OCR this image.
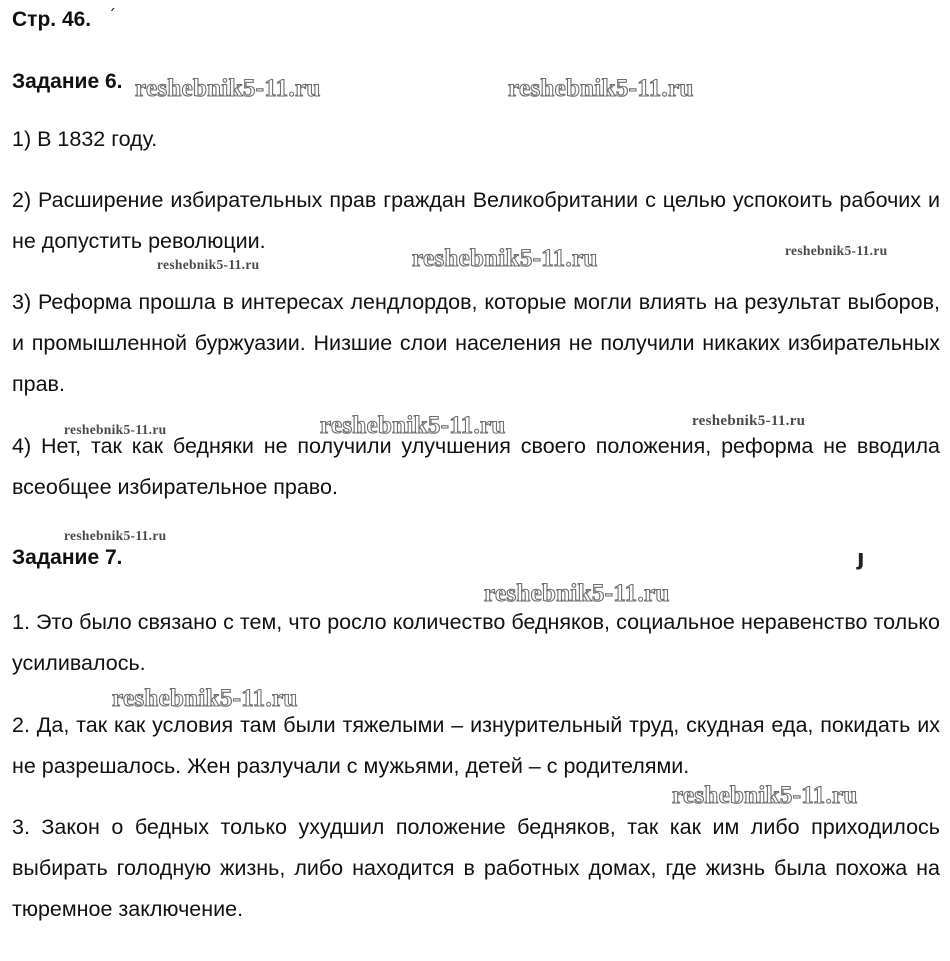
Стр. 46. ˊ
Задание 6.
1) В 1832 году.
2) Расширение избирательных прав граждан Великобритании с целью успокоить рабочих и не допустить революции.
3) Реформа прошла в интересах лендлордов, которые могли влиять на результат выборов, и промышленной буржуазии. Низшие слои населения не получили никаких избирательных прав.
4) Нет, так как бедняки не получили улучшения своего положения, реформа не вводила всеобщее избирательное право.
Задание 7.	ȷ
1. Это было связано с тем, что росло количество бедняков, социальное неравенство только усиливалось.
2. Да, так как условия там были тяжелыми – изнурительный труд, скудная еда, покидать их не разрешалось. Жен разлучали с мужьями, детей – с родителями.
3. Закон о бедных только ухудшил положение бедняков, так как им либо приходилось выбирать голодную жизнь, либо находится в работных домах, где жизнь была похожа на тюремное заключение.
reshebnik5-11.ru	reshebnik5-11.ru
reshebnik5-11.ru	reshebnik5-11.ru	reshebnik5-11.ru
reshebnik5-11.ru	reshebnik5-11.ru	reshebnik5-11.ru
reshebnik5-11.ru
reshebnik5-11.ru
reshebnik5-11.ru
reshebnik5-11.ru
